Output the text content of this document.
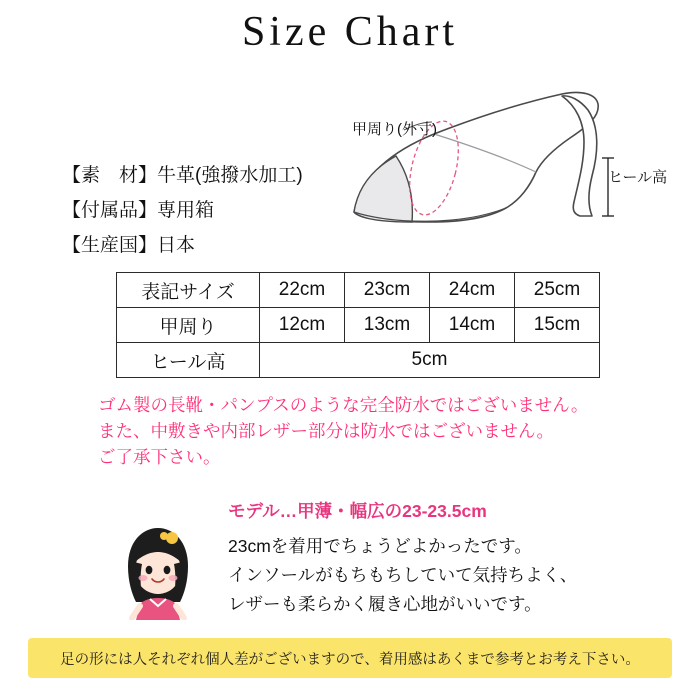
Size Chart
【素　材】牛革(強撥水加工)
【付属品】専用箱
【生産国】日本
甲周り(外寸)
ヒール高
表記サイズ	22cm	23cm	24cm	25cm
甲周り	12cm	13cm	14cm	15cm
ヒール高	5cm			
ゴム製の長靴・パンプスのような完全防水ではございません。
また、中敷きや内部レザー部分は防水ではございません。
ご了承下さい。
モデル…甲薄・幅広の23-23.5cm
23cmを着用でちょうどよかったです。
インソールがもちもちしていて気持ちよく、
レザーも柔らかく履き心地がいいです。
足の形には人それぞれ個人差がございますので、着用感はあくまで参考とお考え下さい。
